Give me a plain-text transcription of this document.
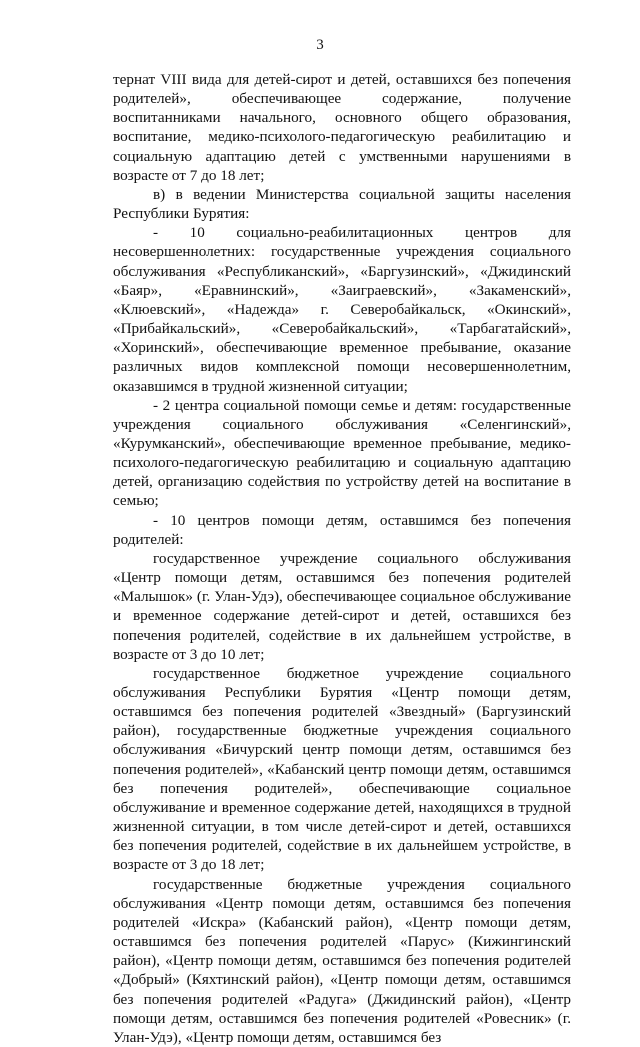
3

тернат VIII вида для детей-сирот и детей, оставшихся без попечения родителей», обеспечивающее содержание, получение воспитанниками начального, основного общего образования, воспитание, медико-психолого-педагогическую реабилитацию и социальную адаптацию детей с умственными нарушениями в возрасте от 7 до 18 лет;

в) в ведении Министерства социальной защиты населения Республики Бурятия:

- 10 социально-реабилитационных центров для несовершеннолетних: государственные учреждения социального обслуживания «Республиканский», «Баргузинский», «Джидинский «Баяр», «Еравнинский», «Заиграевский», «Закаменский», «Клюевский», «Надежда» г. Северобайкальск, «Окинский», «Прибайкальский», «Северобайкальский», «Тарбагатайский», «Хоринский», обеспечивающие временное пребывание, оказание различных видов комплексной помощи несовершеннолетним, оказавшимся в трудной жизненной ситуации;

- 2 центра социальной помощи семье и детям: государственные учреждения социального обслуживания «Селенгинский», «Курумканский», обеспечивающие временное пребывание, медико-психолого-педагогическую реабилитацию и социальную адаптацию детей, организацию содействия по устройству детей на воспитание в семью;

- 10 центров помощи детям, оставшимся без попечения родителей:

государственное учреждение социального обслуживания «Центр помощи детям, оставшимся без попечения родителей «Малышок» (г. Улан-Удэ), обеспечивающее социальное обслуживание и временное содержание детей-сирот и детей, оставшихся без попечения родителей, содействие в их дальнейшем устройстве, в возрасте от 3 до 10 лет;

государственное бюджетное учреждение социального обслуживания Республики Бурятия «Центр помощи детям, оставшимся без попечения родителей «Звездный» (Баргузинский район), государственные бюджетные учреждения социального обслуживания «Бичурский центр помощи детям, оставшимся без попечения родителей», «Кабанский центр помощи детям, оставшимся без попечения родителей», обеспечивающие социальное обслуживание и временное содержание детей, находящихся в трудной жизненной ситуации, в том числе детей-сирот и детей, оставшихся без попечения родителей, содействие в их дальнейшем устройстве, в возрасте от 3 до 18 лет;

государственные бюджетные учреждения социального обслуживания «Центр помощи детям, оставшимся без попечения родителей «Искра» (Кабанский район), «Центр помощи детям, оставшимся без попечения родителей «Парус» (Кижингинский район), «Центр помощи детям, оставшимся без попечения родителей «Добрый» (Кяхтинский район), «Центр помощи детям, оставшимся без попечения родителей «Радуга» (Джидинский район), «Центр помощи детям, оставшимся без попечения родителей «Ровесник» (г. Улан-Удэ), «Центр помощи детям, оставшимся без
